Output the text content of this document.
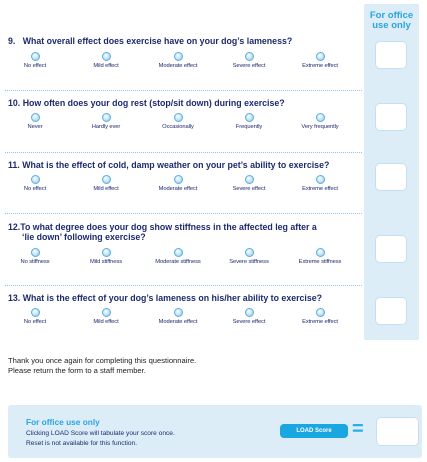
For office
use only
9. What overall effect does exercise have on your dog’s lameness?
No effect	Mild effect	Moderate effect	Severe effect	Extreme effect
10. How often does your dog rest (stop/sit down) during exercise?
Never	Hardly ever	Occasionally	Frequently	Very frequently
11. What is the effect of cold, damp weather on your pet’s ability to exercise?
No effect	Mild effect	Moderate effect	Severe effect	Extreme effect
12.To what degree does your dog show stiffness in the affected leg after a
‘lie down’ following exercise?
No stiffness	Mild stiffness	Moderate stiffness	Severe stiffness	Extreme stiffness
13. What is the effect of your dog’s lameness on his/her ability to exercise?
No effect	Mild effect	Moderate effect	Severe effect	Extreme effect
Thank you once again for completing this questionnaire.
Please return the form to a staff member.
For office use only
Clicking LOAD Score will tabulate your score once.
Reset is not available for this function.
LOAD Score	=
